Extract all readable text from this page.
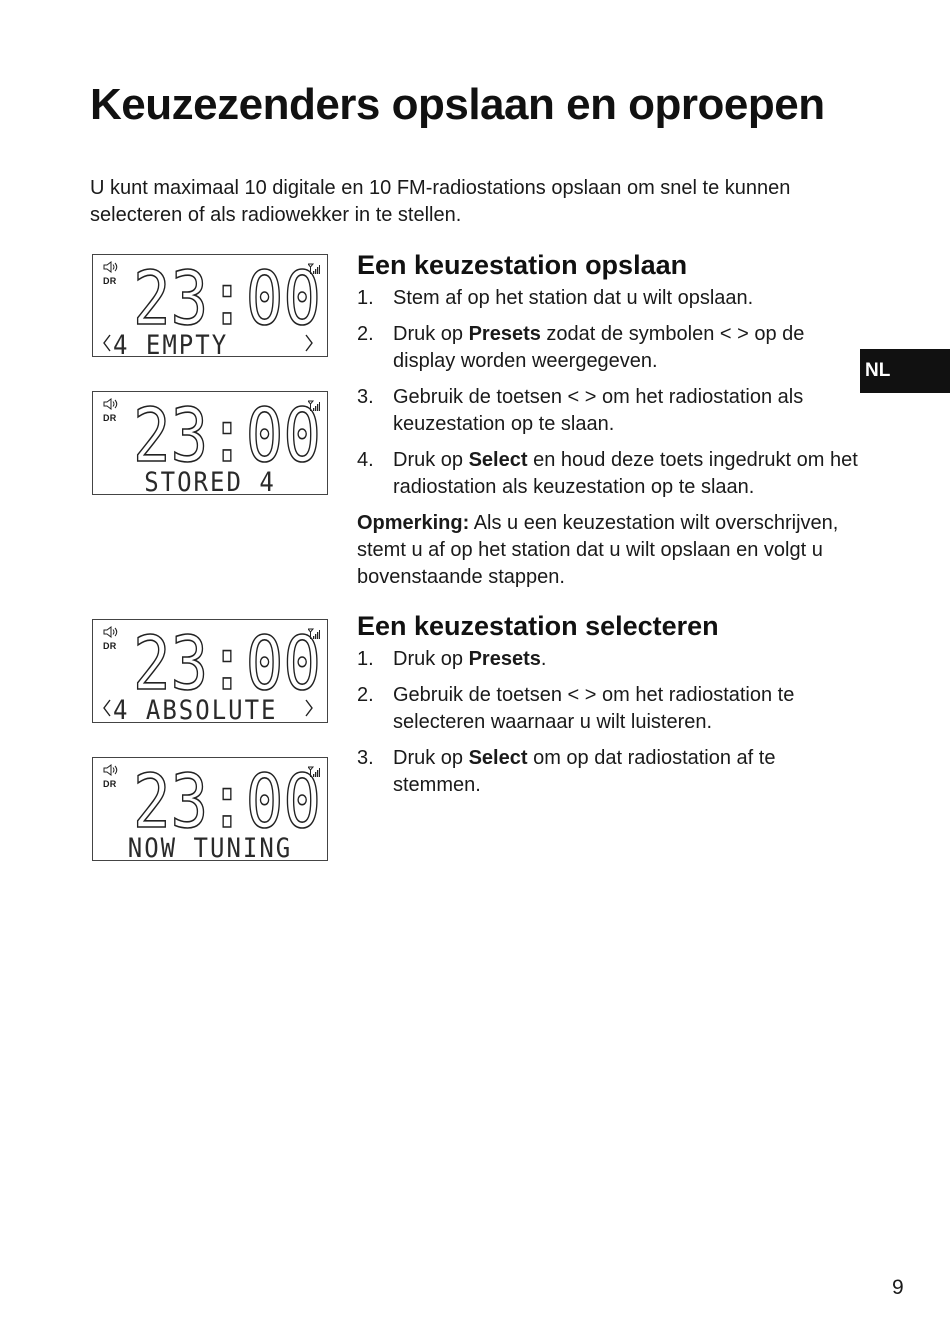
Keuzezenders opslaan en oproepen

U kunt maximaal 10 digitale en 10 FM-radiostations opslaan om snel te kunnen selecteren of als radiowekker in te stellen.

NL
DR 23:00
4 EMPTY
DR 23:00
STORED 4
DR 23:00
4 ABSOLUTE
DR 23:00
NOW TUNING
Een keuzestation opslaan
1. Stem af op het station dat u wilt opslaan.
2. Druk op Presets zodat de symbolen < > op de display worden weergegeven.
3. Gebruik de toetsen < > om het radiostation als keuzestation op te slaan.
4. Druk op Select en houd deze toets ingedrukt om het radiostation als keuzestation op te slaan.

Opmerking: Als u een keuzestation wilt overschrijven, stemt u af op het station dat u wilt opslaan en volgt u bovenstaande stappen.

Een keuzestation selecteren
1. Druk op Presets.
2. Gebruik de toetsen < > om het radiostation te selecteren waarnaar u wilt luisteren.
3. Druk op Select om op dat radiostation af te stemmen.
9
